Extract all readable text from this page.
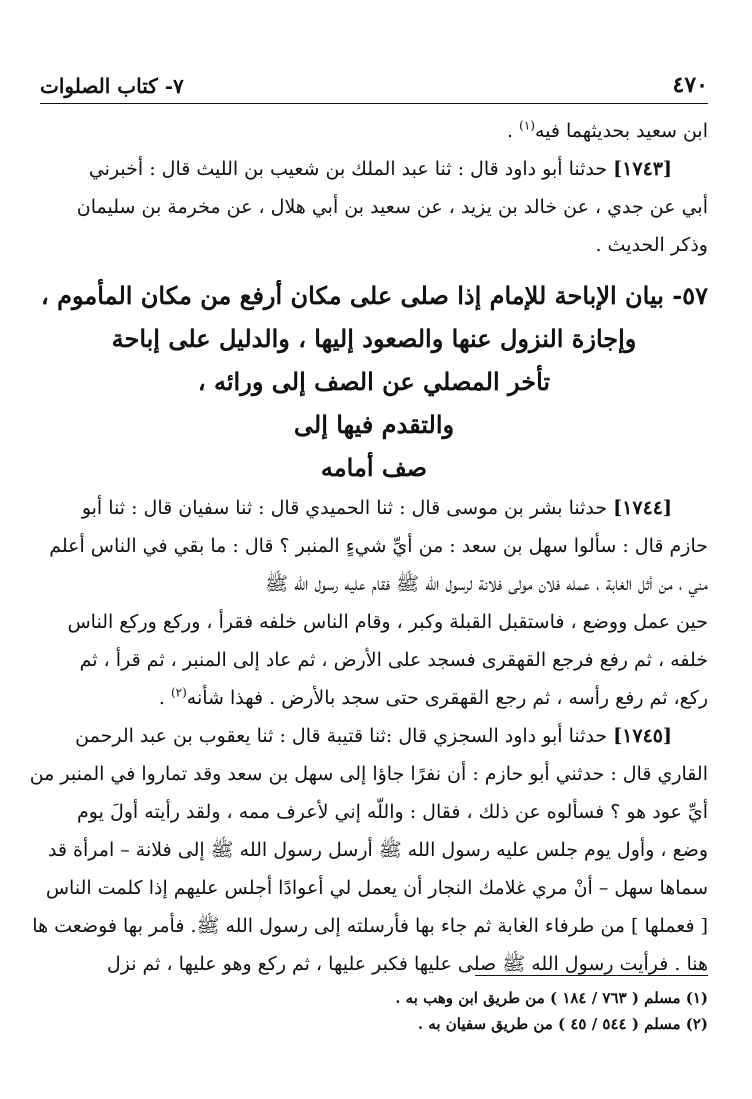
٤٧٠
٧- كتاب الصلوات

ابن سعيد بحديثهما فيه$^{(١)}$ .

[١٧٤٣] حدثنا أبو داود قال : ثنا عبد الملك بن شعيب بن الليث قال : أخبرني

أبي عن جدي ، عن خالد بن يزيد ، عن سعيد بن أبي هلال ، عن مخرمة بن سليمان
وذكر الحديث .

٥٧- بيان الإباحة للإمام إذا صلى على مكان أرفع من مكان المأموم ،
وإجازة النزول عنها والصعود إليها ، والدليل على إباحة
تأخر المصلي عن الصف إلى ورائه ،
والتقدم فيها إلى
صف أمامه

[١٧٤٤] حدثنا بشر بن موسى قال : ثنا الحميدي قال : ثنا سفيان قال : ثنا أبو

حازم قال : سألوا سهل بن سعد : من أيِّ شيءٍ المنبر ؟ قال : ما بقي في الناس أعلم
مني ، من أثل الغابة ، عمله فلان مولى فلانة لرسول الله ﷺ فقام عليه رسول الله ﷺ
حين عمل ووضع ، فاستقبل القبلة وكبر ، وقام الناس خلفه فقرأ ، وركع وركع الناس
خلفه ، ثم رفع فرجع القهقرى فسجد على الأرض ، ثم عاد إلى المنبر ، ثم قرأ ، ثم
ركع، ثم رفع رأسه ، ثم رجع القهقرى حتى سجد بالأرض . فهذا شأنه$^{(٢)}$ .

[١٧٤٥] حدثنا أبو داود السجزي قال :ثنا قتيبة قال : ثنا يعقوب بن عبد الرحمن

القاري قال : حدثني أبو حازم : أن نفرًا جاؤا إلى سهل بن سعد وقد تماروا في المنبر من
أيِّ عود هو ؟ فسألوه عن ذلك ، فقال : واللّه إني لأعرف ممه ، ولقد رأيته أولَ يوم
وضع ، وأول يوم جلس عليه رسول الله ﷺ أرسل رسول الله ﷺ إلى فلانة – امرأة قد
سماها سهل – أنْ مري غلامك النجار أن يعمل لي أعوادًا أجلس عليهم إذا كلمت الناس
[ فعملها ] من طرفاء الغابة ثم جاء بها فأرسلته إلى رسول الله ﷺ. فأمر بها فوضعت ها
هنا . فرأيت رسول الله ﷺ صلى عليها فكبر عليها ، ثم ركع وهو عليها ، ثم نزل

(١) مسلم ( ٧٦٣ / ١٨٤ ) من طريق ابن وهب به .
(٢) مسلم ( ٥٤٤ / ٤٥ ) من طريق سفيان به .
